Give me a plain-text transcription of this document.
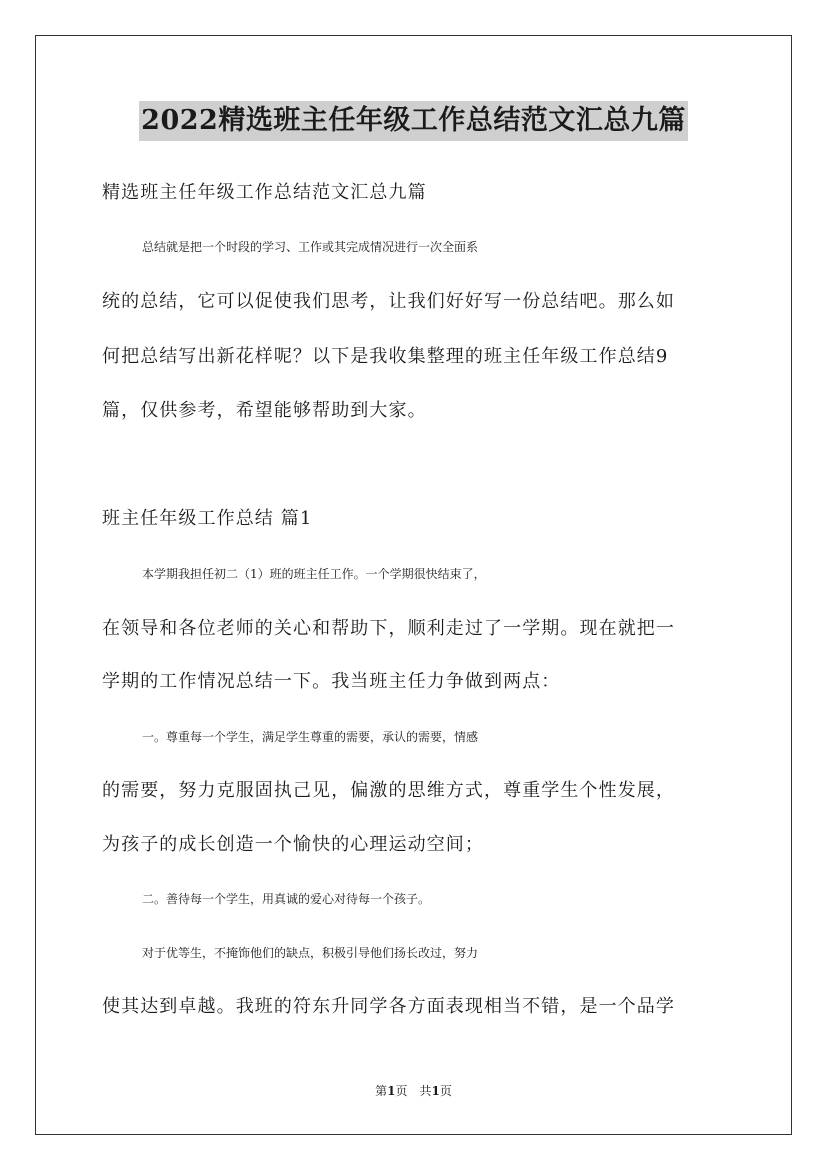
2022精选班主任年级工作总结范文汇总九篇
精选班主任年级工作总结范文汇总九篇
总结就是把一个时段的学习、工作或其完成情况进行一次全面系
统的总结，它可以促使我们思考，让我们好好写一份总结吧。那么如
何把总结写出新花样呢？以下是我收集整理的班主任年级工作总结9
篇，仅供参考，希望能够帮助到大家。
班主任年级工作总结 篇1
本学期我担任初二（1）班的班主任工作。一个学期很快结束了，
在领导和各位老师的关心和帮助下，顺利走过了一学期。现在就把一
学期的工作情况总结一下。我当班主任力争做到两点：
一。尊重每一个学生，满足学生尊重的需要，承认的需要，情感
的需要，努力克服固执己见，偏激的思维方式，尊重学生个性发展，
为孩子的成长创造一个愉快的心理运动空间；
二。善待每一个学生，用真诚的爱心对待每一个孩子。
对于优等生，不掩饰他们的缺点，积极引导他们扬长改过，努力
使其达到卓越。我班的符东升同学各方面表现相当不错，是一个品学
第1页　共1页
